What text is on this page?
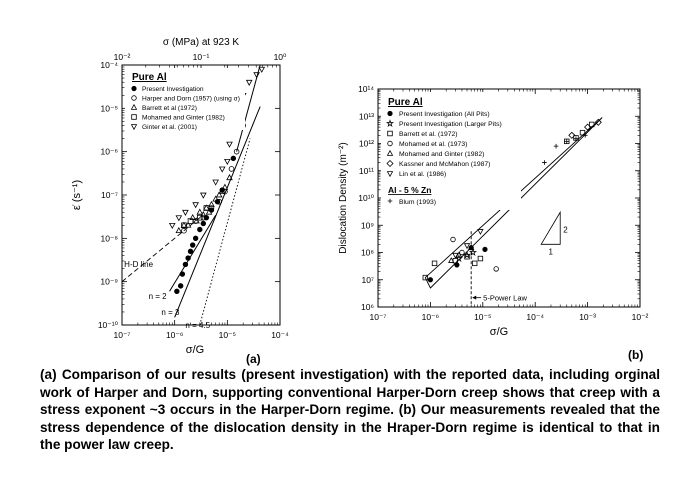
10⁻⁷	10⁻⁶	10⁻⁵	10⁻⁴
10⁻²	10⁻¹	10⁰
10⁻¹⁰
10⁻⁹
10⁻⁸
10⁻⁷
10⁻⁶
10⁻⁵
10⁻⁴
σ (MPa) at 923 K
σ/G
(a)
ε̇ (s⁻¹)
H-D line
n = 2
n = 3
n = 4.5
Pure Al
Present Investigation
Harper and Dorn (1957) (using σ)
Barrett et al (1972)
Mohamed and Ginter (1982)
Ginter et al. (2001)
10⁻⁷	10⁻⁶	10⁻⁵	10⁻⁴	10⁻³	10⁻²
10⁶
10⁷
10⁸
10⁹
10¹⁰
10¹¹
10¹²
10¹³
10¹⁴
σ/G
(b)
Dislocation Density (m⁻²)
5-Power Law
2
1
Pure Al
Present Investigation (All Pits)
Present Investigation (Larger Pits)
Barrett et al. (1972)
Mohamed et al. (1973)
Mohamed and Ginter (1982)
Kassner and McMahon (1987)
Lin et al. (1986)
Al - 5 % Zn
Blum (1993)

(a) Comparison of our results (present investigation) with the reported data, including orginal work of Harper and Dorn, supporting conventional Harper-Dorn creep shows that creep with a stress exponent ~3 occurs in the Harper-Dorn regime. (b) Our measurements revealed that the stress dependence of the dislocation density in the Hraper-Dorn regime is identical to that in the power law creep.
